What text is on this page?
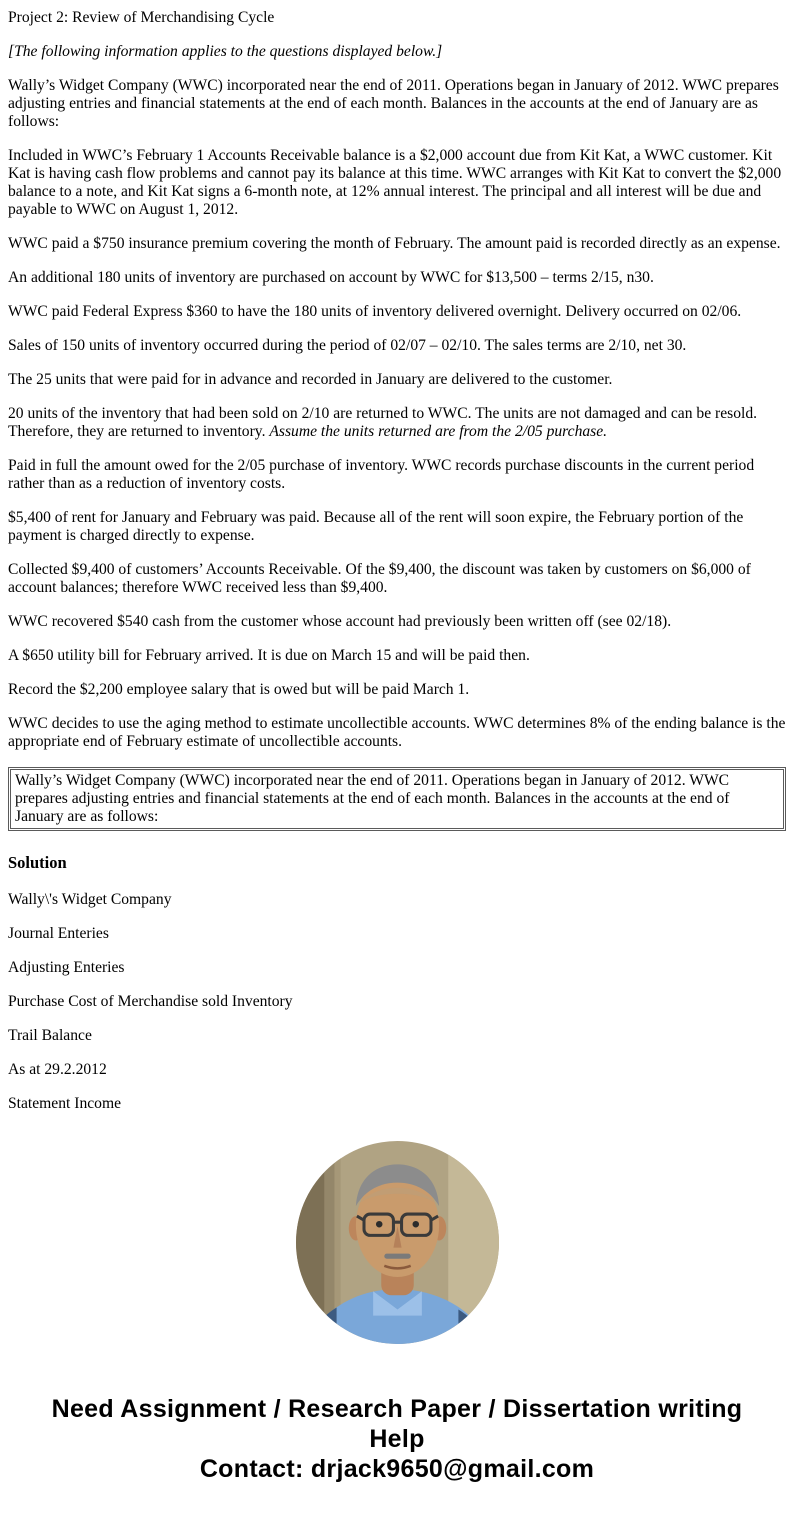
Project 2: Review of Merchandising Cycle

[The following information applies to the questions displayed below.]

Wally’s Widget Company (WWC) incorporated near the end of 2011. Operations began in January of 2012. WWC prepares adjusting entries and financial statements at the end of each month. Balances in the accounts at the end of January are as follows:

Included in WWC’s February 1 Accounts Receivable balance is a $2,000 account due from Kit Kat, a WWC customer. Kit Kat is having cash flow problems and cannot pay its balance at this time. WWC arranges with Kit Kat to convert the $2,000 balance to a note, and Kit Kat signs a 6-month note, at 12% annual interest. The principal and all interest will be due and payable to WWC on August 1, 2012.

WWC paid a $750 insurance premium covering the month of February. The amount paid is recorded directly as an expense.

An additional 180 units of inventory are purchased on account by WWC for $13,500 – terms 2/15, n30.

WWC paid Federal Express $360 to have the 180 units of inventory delivered overnight. Delivery occurred on 02/06.

Sales of 150 units of inventory occurred during the period of 02/07 – 02/10. The sales terms are 2/10, net 30.

The 25 units that were paid for in advance and recorded in January are delivered to the customer.

20 units of the inventory that had been sold on 2/10 are returned to WWC. The units are not damaged and can be resold. Therefore, they are returned to inventory. Assume the units returned are from the 2/05 purchase.

Paid in full the amount owed for the 2/05 purchase of inventory. WWC records purchase discounts in the current period rather than as a reduction of inventory costs.

$5,400 of rent for January and February was paid. Because all of the rent will soon expire, the February portion of the payment is charged directly to expense.

Collected $9,400 of customers’ Accounts Receivable. Of the $9,400, the discount was taken by customers on $6,000 of account balances; therefore WWC received less than $9,400.

WWC recovered $540 cash from the customer whose account had previously been written off (see 02/18).

A $650 utility bill for February arrived. It is due on March 15 and will be paid then.

Record the $2,200 employee salary that is owed but will be paid March 1.

WWC decides to use the aging method to estimate uncollectible accounts. WWC determines 8% of the ending balance is the appropriate end of February estimate of uncollectible accounts.

Wally’s Widget Company (WWC) incorporated near the end of 2011. Operations began in January of 2012. WWC prepares adjusting entries and financial statements at the end of each month. Balances in the accounts at the end of January are as follows:

Solution

Wally\'s Widget Company

Journal Enteries

Adjusting Enteries

Purchase Cost of Merchandise sold Inventory

Trail Balance

As at 29.2.2012

Statement Income

Need Assignment / Research Paper / Dissertation writing Help
Contact: drjack9650@gmail.com
